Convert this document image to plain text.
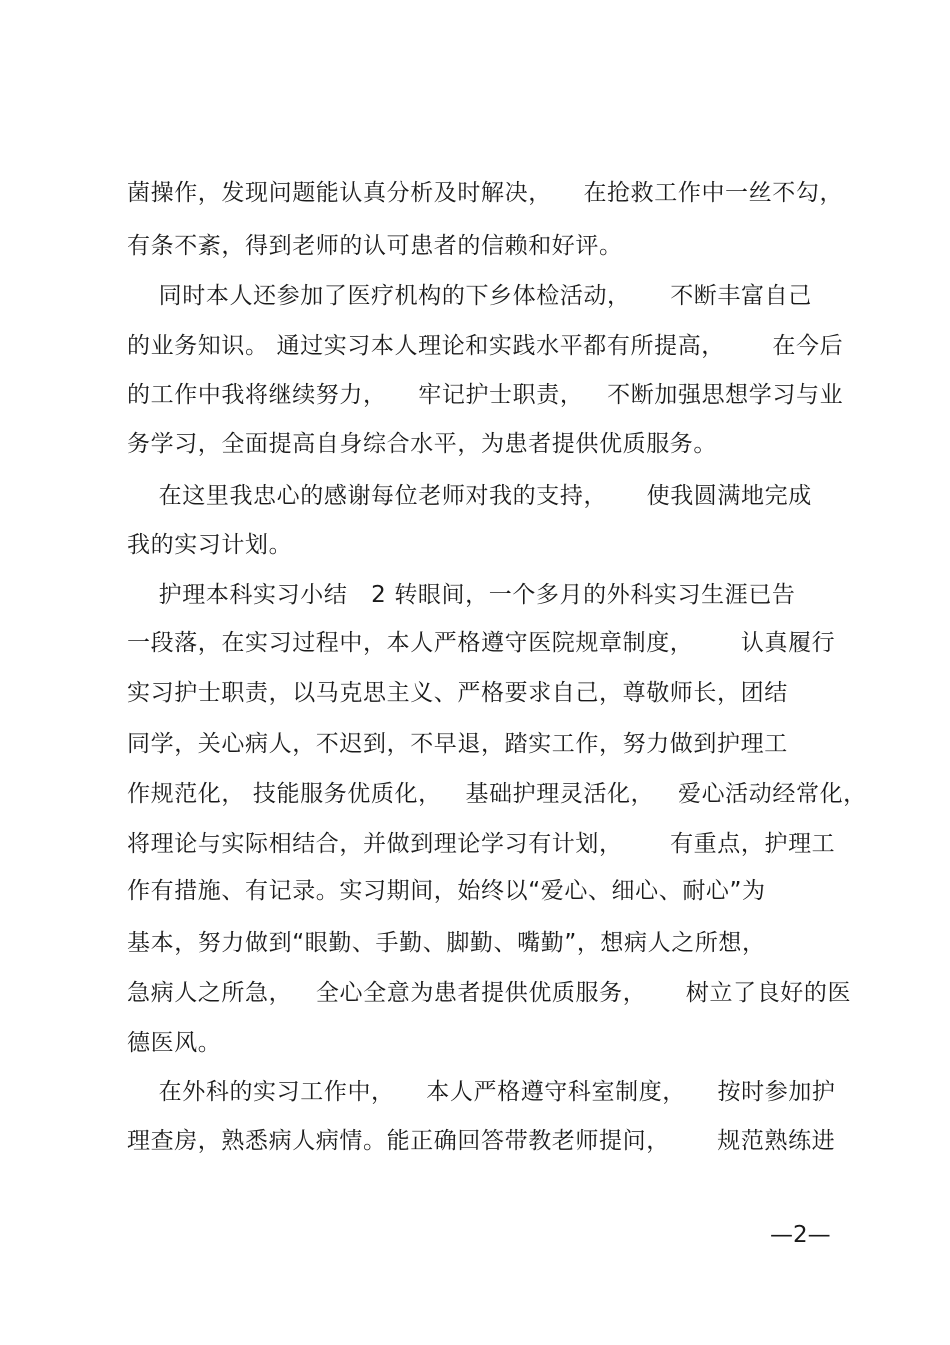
菌操作，发现问题能认真分析及时解决，    在抢救工作中一丝不勾，
有条不紊，得到老师的认可患者的信赖和好评。
同时本人还参加了医疗机构的下乡体检活动，     不断丰富自己
的业务知识。 通过实习本人理论和实践水平都有所提高，      在今后
的工作中我将继续努力，    牢记护士职责，   不断加强思想学习与业
务学习，全面提高自身综合水平，为患者提供优质服务。
在这里我忠心的感谢每位老师对我的支持，     使我圆满地完成
我的实习计划。
护理本科实习小结   2 转眼间，一个多月的外科实习生涯已告
一段落，在实习过程中，本人严格遵守医院规章制度，      认真履行
实习护士职责，以马克思主义、严格要求自己，尊敬师长，团结
同学，关心病人，不迟到，不早退，踏实工作，努力做到护理工
作规范化， 技能服务优质化，   基础护理灵活化，   爱心活动经常化，
将理论与实际相结合，并做到理论学习有计划，      有重点，护理工
作有措施、有记录。实习期间，始终以“爱心、细心、耐心”为
基本，努力做到“眼勤、手勤、脚勤、嘴勤”，想病人之所想，
急病人之所急，   全心全意为患者提供优质服务，     树立了良好的医
德医风。
在外科的实习工作中，    本人严格遵守科室制度，    按时参加护
理查房，熟悉病人病情。能正确回答带教老师提问，      规范熟练进
—2—
